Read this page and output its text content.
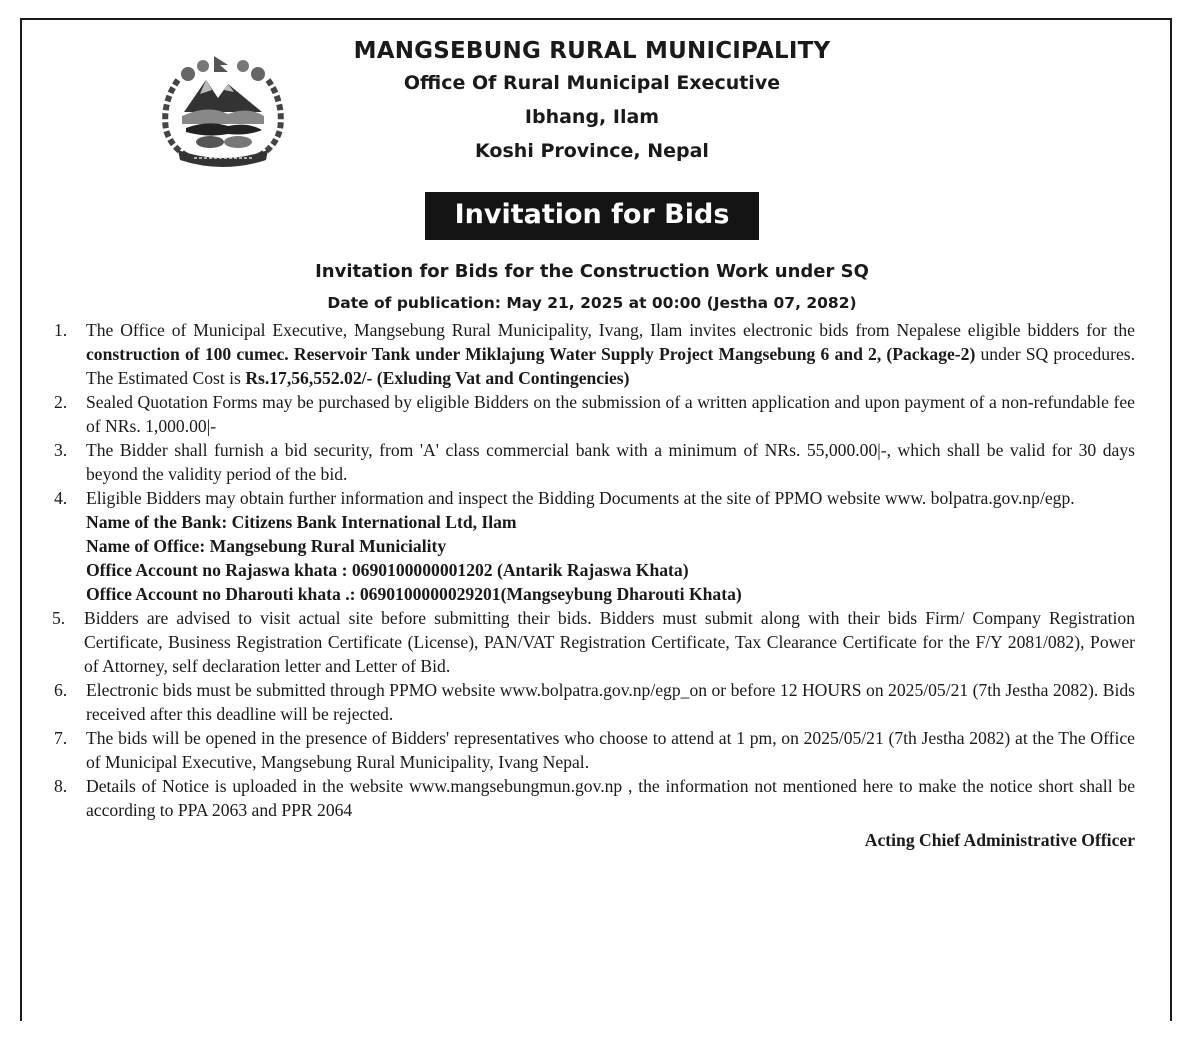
MANGSEBUNG RURAL MUNICIPALITY

Office Of Rural Municipal Executive

Ibhang, Ilam

Koshi Province, Nepal

Invitation for Bids
Invitation for Bids for the Construction Work under SQ
Date of publication: May 21, 2025 at 00:00 (Jestha 07, 2082)
1. The Office of Municipal Executive, Mangsebung Rural Municipality, Ivang, Ilam invites electronic bids from Nepalese eligible bidders for the construction of 100 cumec. Reservoir Tank under Miklajung Water Supply Project Mangsebung 6 and 2, (Package-2) under SQ procedures. The Estimated Cost is Rs.17,56,552.02/- (Exluding Vat and Contingencies)
2. Sealed Quotation Forms may be purchased by eligible Bidders on the submission of a written application and upon payment of a non-refundable fee of NRs. 1,000.00|-
3. The Bidder shall furnish a bid security, from 'A' class commercial bank with a minimum of NRs. 55,000.00|-, which shall be valid for 30 days beyond the validity period of the bid.
4. Eligible Bidders may obtain further information and inspect the Bidding Documents at the site of PPMO website www. bolpatra.gov.np/egp.
Name of the Bank: Citizens Bank International Ltd, Ilam
Name of Office: Mangsebung Rural Municiality
Office Account no Rajaswa khata : 0690100000001202 (Antarik Rajaswa Khata)
Office Account no Dharouti khata .: 0690100000029201(Mangseybung Dharouti Khata)
5. Bidders are advised to visit actual site before submitting their bids. Bidders must submit along with their bids Firm/ Company Registration Certificate, Business Registration Certificate (License), PAN/VAT Registration Certificate, Tax Clearance Certificate for the F/Y 2081/082), Power of Attorney, self declaration letter and Letter of Bid.
6. Electronic bids must be submitted through PPMO website www.bolpatra.gov.np/egp_on or before 12 HOURS on 2025/05/21 (7th Jestha 2082). Bids received after this deadline will be rejected.
7. The bids will be opened in the presence of Bidders' representatives who choose to attend at 1 pm, on 2025/05/21 (7th Jestha 2082) at the The Office of Municipal Executive, Mangsebung Rural Municipality, Ivang Nepal.
8. Details of Notice is uploaded in the website www.mangsebungmun.gov.np , the information not mentioned here to make the notice short shall be according to PPA 2063 and PPR 2064
Acting Chief Administrative Officer
